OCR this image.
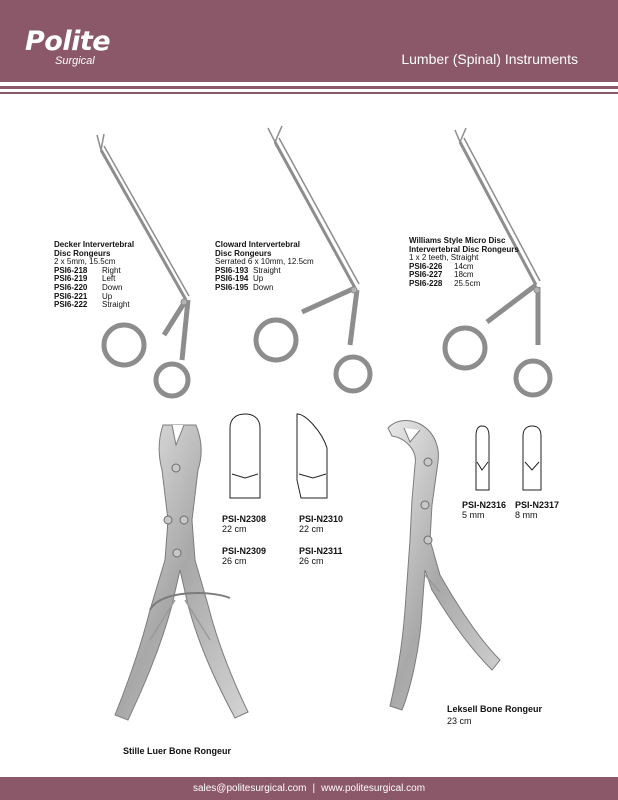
Polite
Surgical	Lumber (Spinal) Instruments
Decker Intervertebral
Disc Rongeurs
2 x 5mm, 15.5cm
PSI6-218 Right
PSI6-219 Left
PSI6-220 Down
PSI6-221 Up
PSI6-222 Straight
Cloward Intervertebral
Disc Rongeurs
Serrated 6 x 10mm, 12.5cm
PSI6-193 Straight
PSI6-194 Up
PSI6-195 Down
Williams Style Micro Disc
Intervertebral Disc Rongeurs
1 x 2 teeth, Straight
PSI6-226 14cm
PSI6-227 18cm
PSI6-228 25.5cm
PSI-N2308
22 cm
PSI-N2309
26 cm
PSI-N2310
22 cm
PSI-N2311
26 cm
PSI-N2316
5 mm
PSI-N2317
8 mm
Stille Luer Bone Rongeur
Leksell Bone Rongeur
23 cm
sales@politesurgical.com | www.politesurgical.com
